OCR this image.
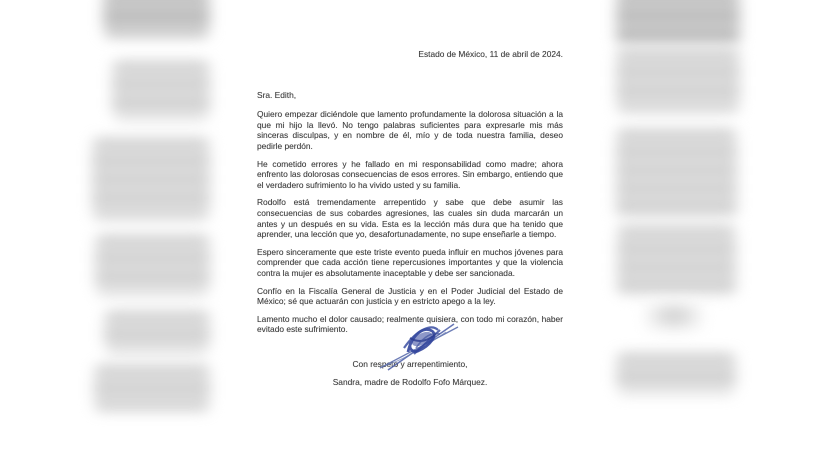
Estado de México, 11 de abril de 2024.

Sra. Edith,

Quiero empezar diciéndole que lamento profundamente la dolorosa situación a la que mi hijo la llevó. No tengo palabras suficientes para expresarle mis más sinceras disculpas, y en nombre de él, mío y de toda nuestra familia, deseo pedirle perdón.

He cometido errores y he fallado en mi responsabilidad como madre; ahora enfrento las dolorosas consecuencias de esos errores. Sin embargo, entiendo que el verdadero sufrimiento lo ha vivido usted y su familia.

Rodolfo está tremendamente arrepentido y sabe que debe asumir las consecuencias de sus cobardes agresiones, las cuales sin duda marcarán un antes y un después en su vida. Esta es la lección más dura que ha tenido que aprender, una lección que yo, desafortunadamente, no supe enseñarle a tiempo.

Espero sinceramente que este triste evento pueda influir en muchos jóvenes para comprender que cada acción tiene repercusiones importantes y que la violencia contra la mujer es absolutamente inaceptable y debe ser sancionada.

Confío en la Fiscalía General de Justicia y en el Poder Judicial del Estado de México; sé que actuarán con justicia y en estricto apego a la ley.

Lamento mucho el dolor causado; realmente quisiera, con todo mi corazón, haber evitado este sufrimiento.

Con respeto y arrepentimiento,

Sandra, madre de Rodolfo Fofo Márquez.
